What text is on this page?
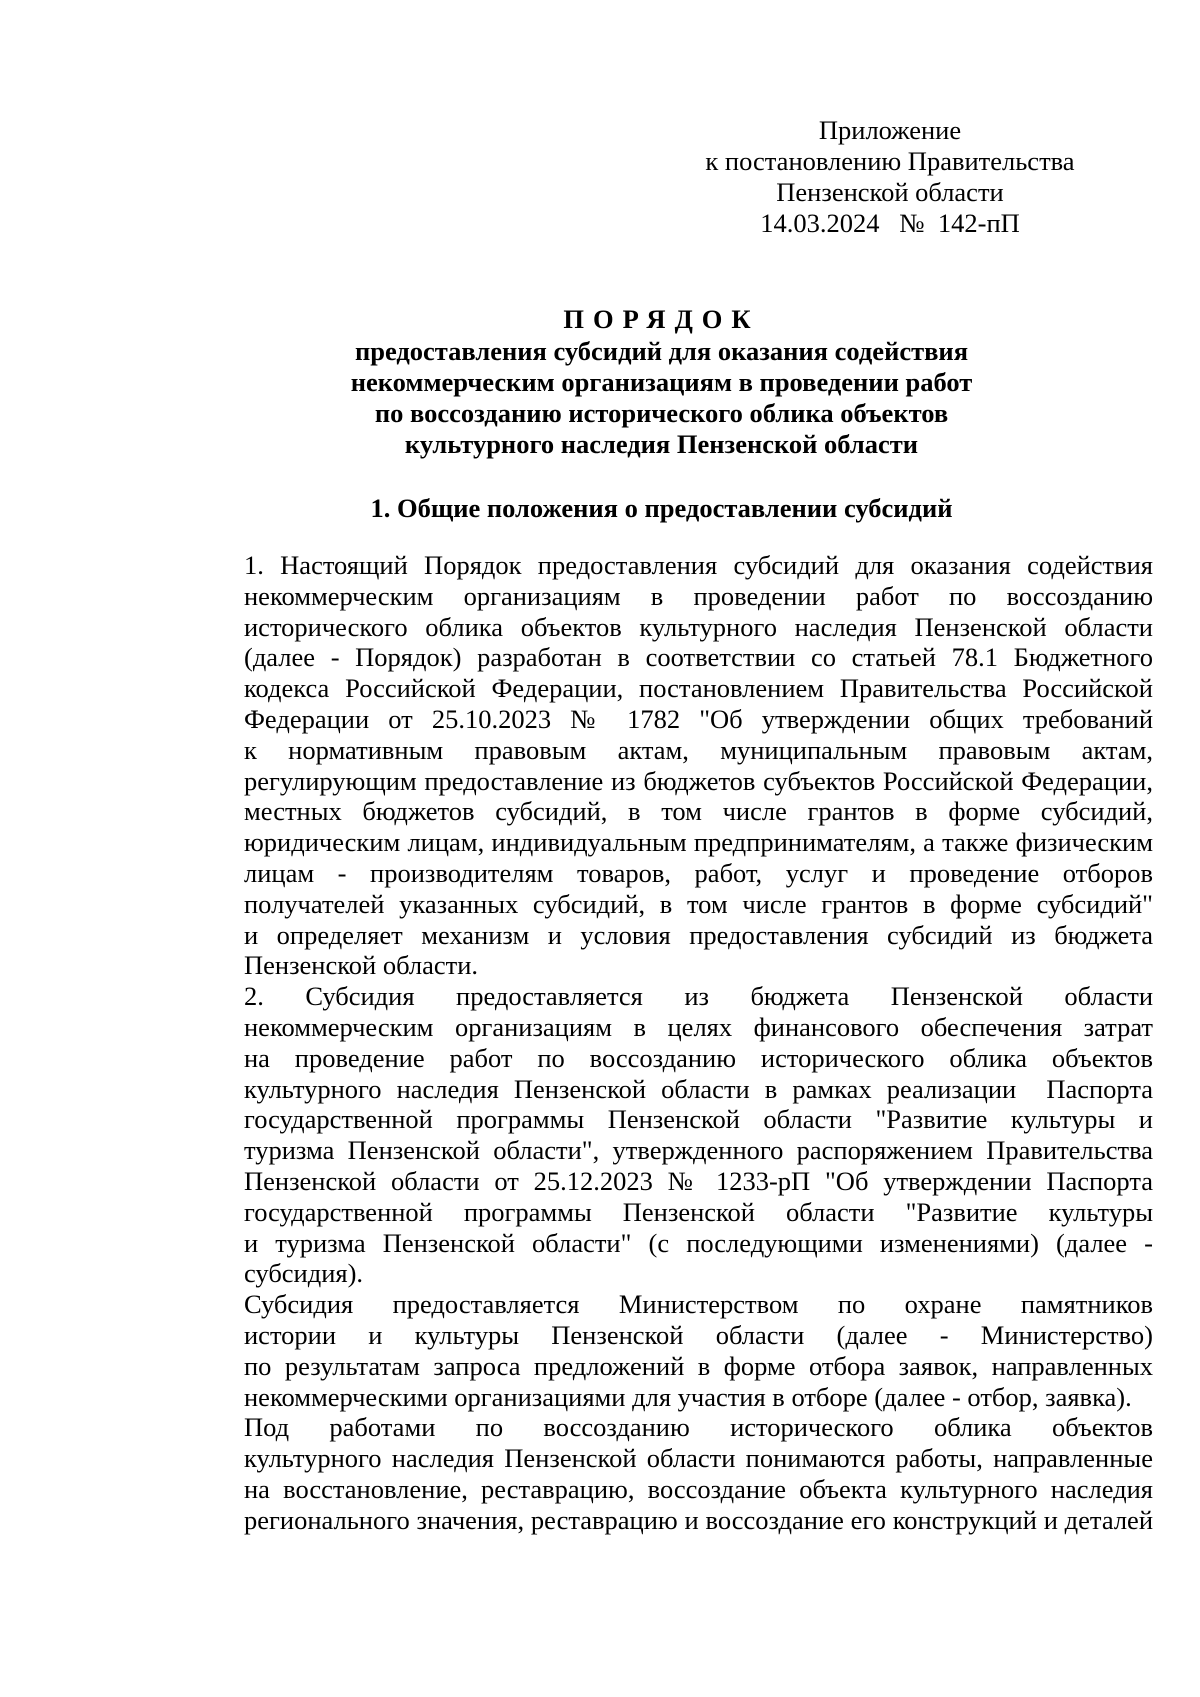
Приложение
к постановлению Правительства
Пензенской области
14.03.2024   №  142-пП
ПОРЯДОК
предоставления субсидий для оказания содействия
некоммерческим организациям в проведении работ
по воссозданию исторического облика объектов
культурного наследия Пензенской области
1. Общие положения о предоставлении субсидий
1. Настоящий Порядок предоставления субсидий для оказания содействия
некоммерческим организациям в проведении работ по воссозданию
исторического облика объектов культурного наследия Пензенской области
(далее - Порядок) разработан в соответствии со статьей 78.1 Бюджетного
кодекса Российской Федерации, постановлением Правительства Российской
Федерации от 25.10.2023 № 1782 "Об утверждении общих требований
к нормативным правовым актам, муниципальным правовым актам,
регулирующим предоставление из бюджетов субъектов Российской Федерации,
местных бюджетов субсидий, в том числе грантов в форме субсидий,
юридическим лицам, индивидуальным предпринимателям, а также физическим
лицам - производителям товаров, работ, услуг и проведение отборов
получателей указанных субсидий, в том числе грантов в форме субсидий"
и определяет механизм и условия предоставления субсидий из бюджета
Пензенской области.
2. Субсидия предоставляется из бюджета Пензенской области
некоммерческим организациям в целях финансового обеспечения затрат
на проведение работ по воссозданию исторического облика объектов
культурного наследия Пензенской области в рамках реализации  Паспорта
государственной программы Пензенской области "Развитие культуры и
туризма Пензенской области", утвержденного распоряжением Правительства
Пензенской области от 25.12.2023 № 1233-рП "Об утверждении Паспорта
государственной программы Пензенской области "Развитие культуры
и туризма Пензенской области" (с последующими изменениями) (далее -
субсидия).
Субсидия предоставляется Министерством по охране памятников
истории и культуры Пензенской области (далее - Министерство)
по результатам запроса предложений в форме отбора заявок, направленных
некоммерческими организациями для участия в отборе (далее - отбор, заявка).
Под работами по воссозданию исторического облика объектов
культурного наследия Пензенской области понимаются работы, направленные
на восстановление, реставрацию, воссоздание объекта культурного наследия
регионального значения, реставрацию и воссоздание его конструкций и деталей
